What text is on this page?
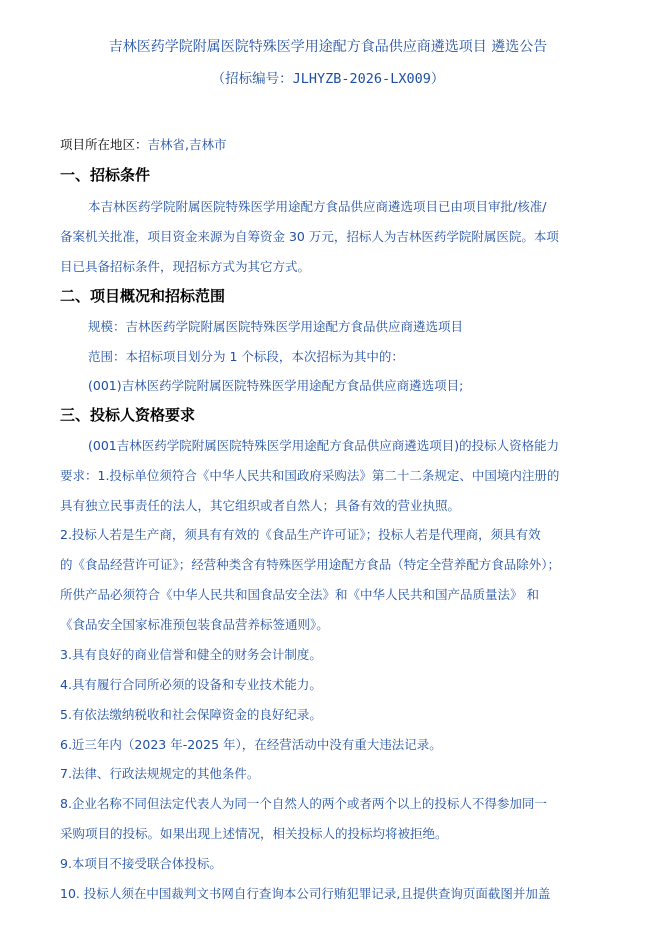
吉林医药学院附属医院特殊医学用途配方食品供应商遴选项目 遴选公告
（招标编号：JLHYZB-2026-LX009）
项目所在地区：吉林省,吉林市
一、招标条件
本吉林医药学院附属医院特殊医学用途配方食品供应商遴选项目已由项目审批/核准/
备案机关批准，项目资金来源为自筹资金 30 万元，招标人为吉林医药学院附属医院。本项
目已具备招标条件，现招标方式为其它方式。
二、项目概况和招标范围
规模：吉林医药学院附属医院特殊医学用途配方食品供应商遴选项目
范围：本招标项目划分为 1 个标段，本次招标为其中的：
(001)吉林医药学院附属医院特殊医学用途配方食品供应商遴选项目;
三、投标人资格要求
(001吉林医药学院附属医院特殊医学用途配方食品供应商遴选项目)的投标人资格能力
要求：1.投标单位须符合《中华人民共和国政府采购法》第二十二条规定、中国境内注册的
具有独立民事责任的法人，其它组织或者自然人；具备有效的营业执照。
2.投标人若是生产商，须具有有效的《食品生产许可证》；投标人若是代理商，须具有效
的《食品经营许可证》；经营种类含有特殊医学用途配方食品（特定全营养配方食品除外）；
所供产品必须符合《中华人民共和国食品安全法》和《中华人民共和国产品质量法》 和
《食品安全国家标准预包装食品营养标签通则》。
3.具有良好的商业信誉和健全的财务会计制度。
4.具有履行合同所必须的设备和专业技术能力。
5.有依法缴纳税收和社会保障资金的良好纪录。
6.近三年内（2023 年-2025 年），在经营活动中没有重大违法记录。
7.法律、行政法规规定的其他条件。
8.企业名称不同但法定代表人为同一个自然人的两个或者两个以上的投标人不得参加同一
采购项目的投标。如果出现上述情况，相关投标人的投标均将被拒绝。
9.本项目不接受联合体投标。
10. 投标人须在中国裁判文书网自行查询本公司行贿犯罪记录,且提供查询页面截图并加盖
